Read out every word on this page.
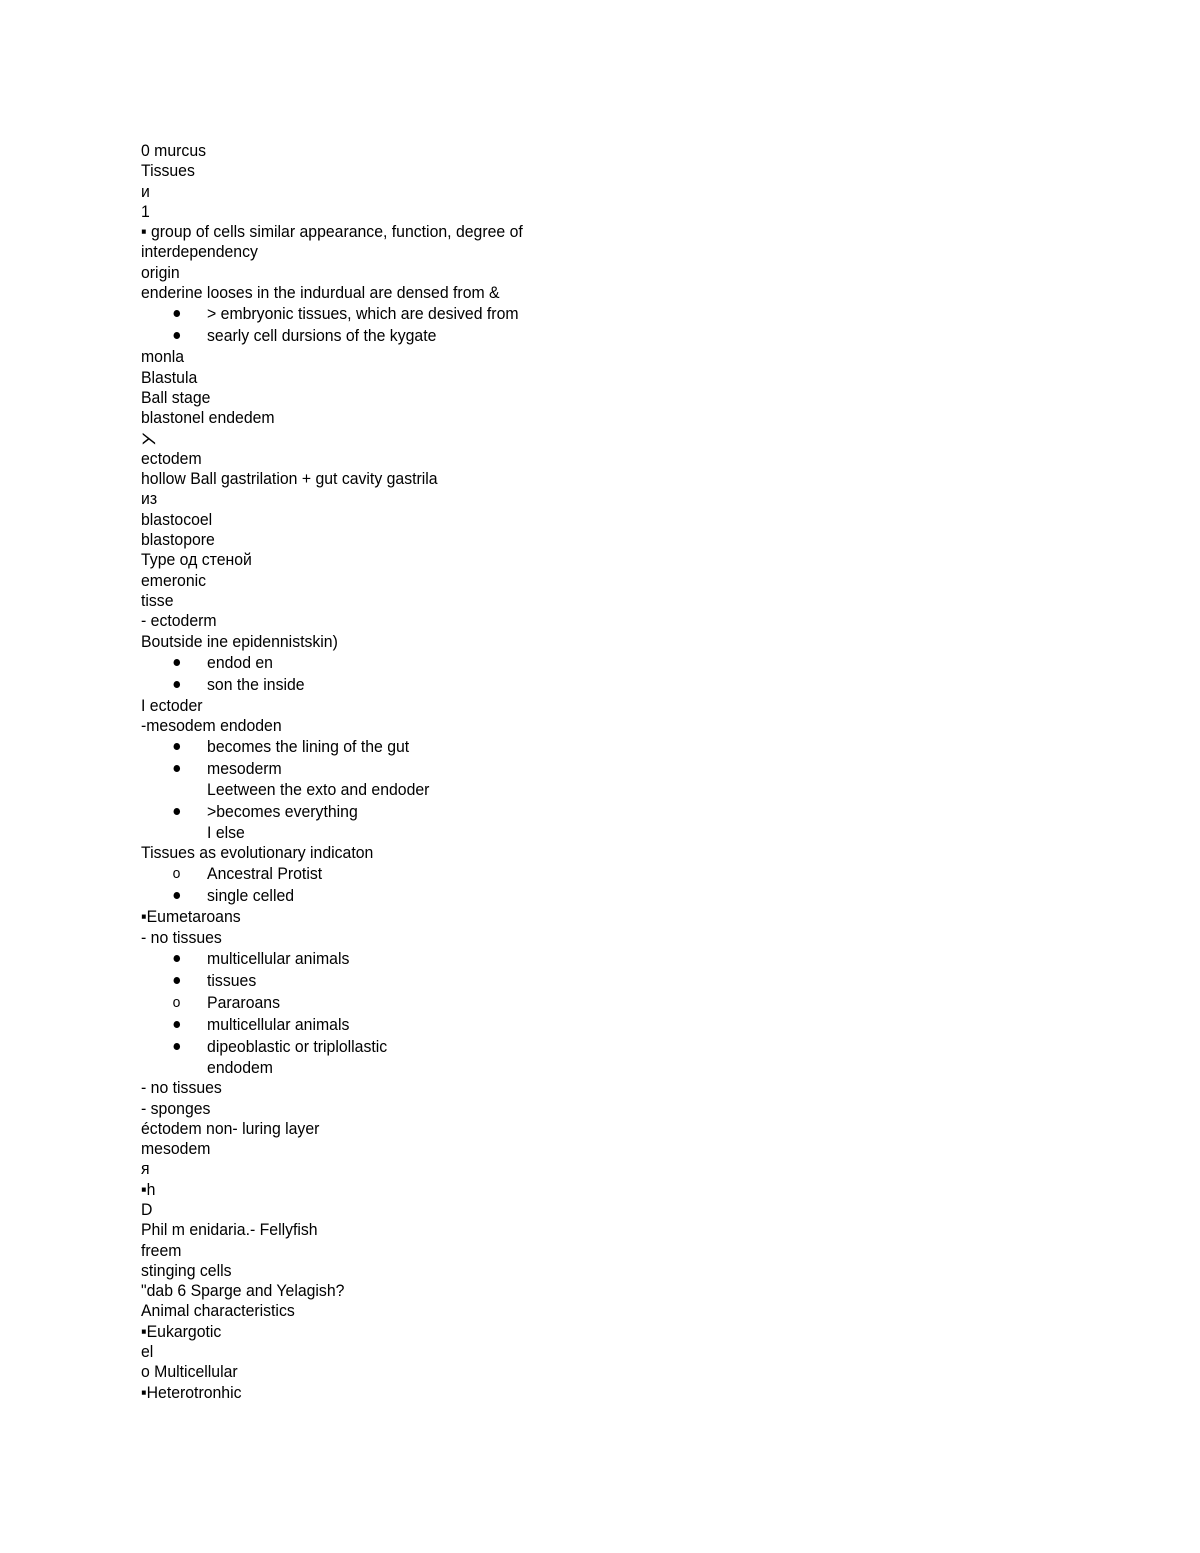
0 murcus
Tissues
и
1
▪ group of cells similar appearance, function, degree of
interdependency
origin
enderine looses in the indurdual are densed from &
> embryonic tissues, which are desived from
searly cell dursions of the kygate
monla
Blastula
Ball stage
blastonel endedem
⋋
ectodem
hollow Ball gastrilation + gut cavity gastrila
из
blastocoel
blastopore
Type од стеной
emeronic
tisse
- ectoderm
Boutside ine epidennistskin)
endod en
son the inside
I ectoder
-mesodem endoden
becomes the lining of the gut
mesoderm
Leetween the exto and endoder
>becomes everything
I else
Tissues as evolutionary indicaton
o	Ancestral Protist
single celled
▪Eumetaroans
- no tissues
multicellular animals
tissues
o	Pararoans
multicellular animals
dipeoblastic or triplollastic
endodem
- no tissues
- sponges
éctodem non- luring layer
mesodem
я
▪h
D
Phil m enidaria.- Fellyfish
freem
stinging cells
"dab 6 Sparge and Yelagish?
Animal characteristics
▪Eukargotic
el
o Multicellular
▪Heterotronhic
